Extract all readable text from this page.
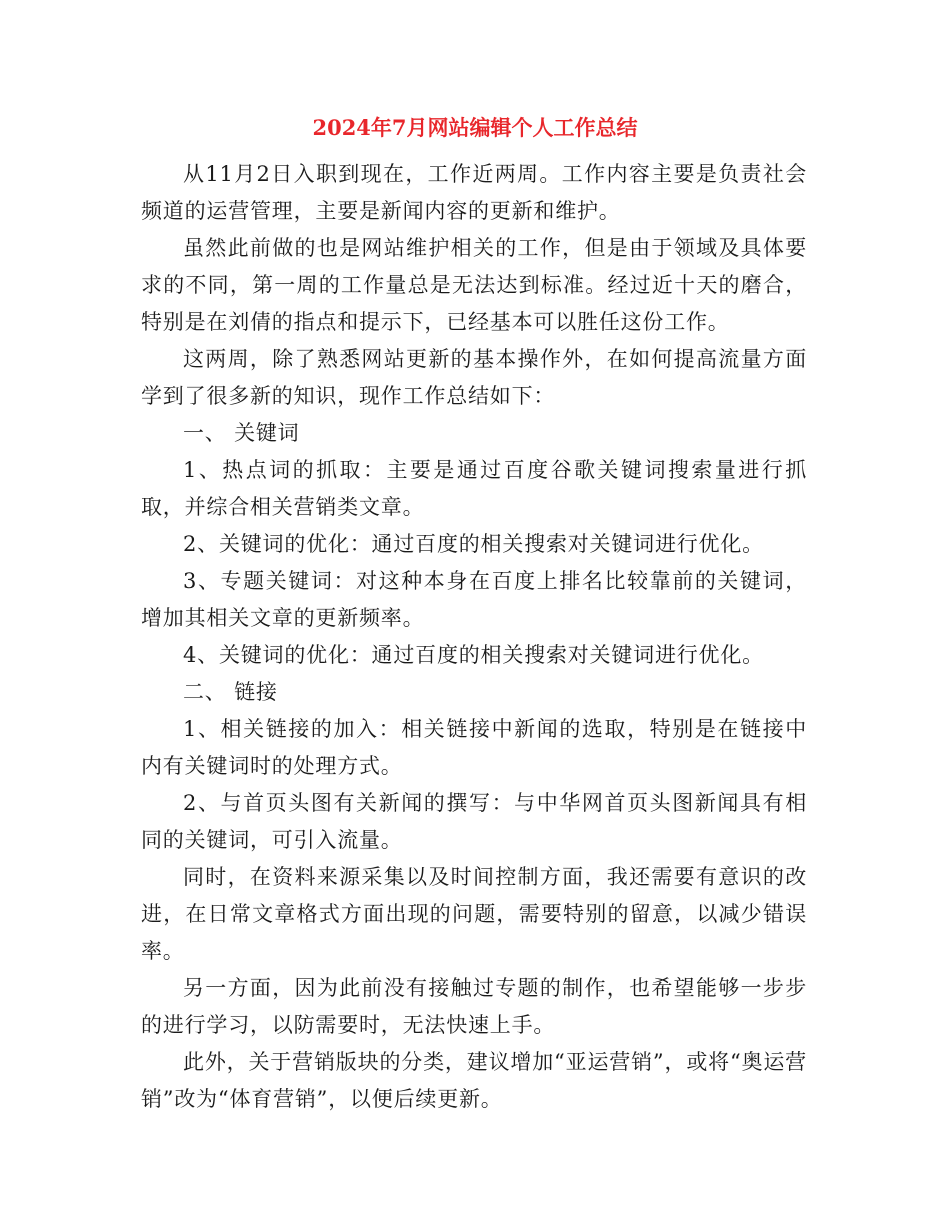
2024年7月网站编辑个人工作总结

从11月2日入职到现在，工作近两周。工作内容主要是负责社会频道的运营管理，主要是新闻内容的更新和维护。

虽然此前做的也是网站维护相关的工作，但是由于领域及具体要求的不同，第一周的工作量总是无法达到标准。经过近十天的磨合，特别是在刘倩的指点和提示下，已经基本可以胜任这份工作。

这两周，除了熟悉网站更新的基本操作外，在如何提高流量方面学到了很多新的知识，现作工作总结如下：

一、 关键词

1、热点词的抓取：主要是通过百度谷歌关键词搜索量进行抓取，并综合相关营销类文章。

2、关键词的优化：通过百度的相关搜索对关键词进行优化。

3、专题关键词：对这种本身在百度上排名比较靠前的关键词，增加其相关文章的更新频率。

4、关键词的优化：通过百度的相关搜索对关键词进行优化。

二、 链接

1、相关链接的加入：相关链接中新闻的选取，特别是在链接中内有关键词时的处理方式。

2、与首页头图有关新闻的撰写：与中华网首页头图新闻具有相同的关键词，可引入流量。

同时，在资料来源采集以及时间控制方面，我还需要有意识的改进，在日常文章格式方面出现的问题，需要特别的留意，以减少错误率。

另一方面，因为此前没有接触过专题的制作，也希望能够一步步的进行学习，以防需要时，无法快速上手。

此外，关于营销版块的分类，建议增加“亚运营销”，或将“奥运营销”改为“体育营销”，以便后续更新。
